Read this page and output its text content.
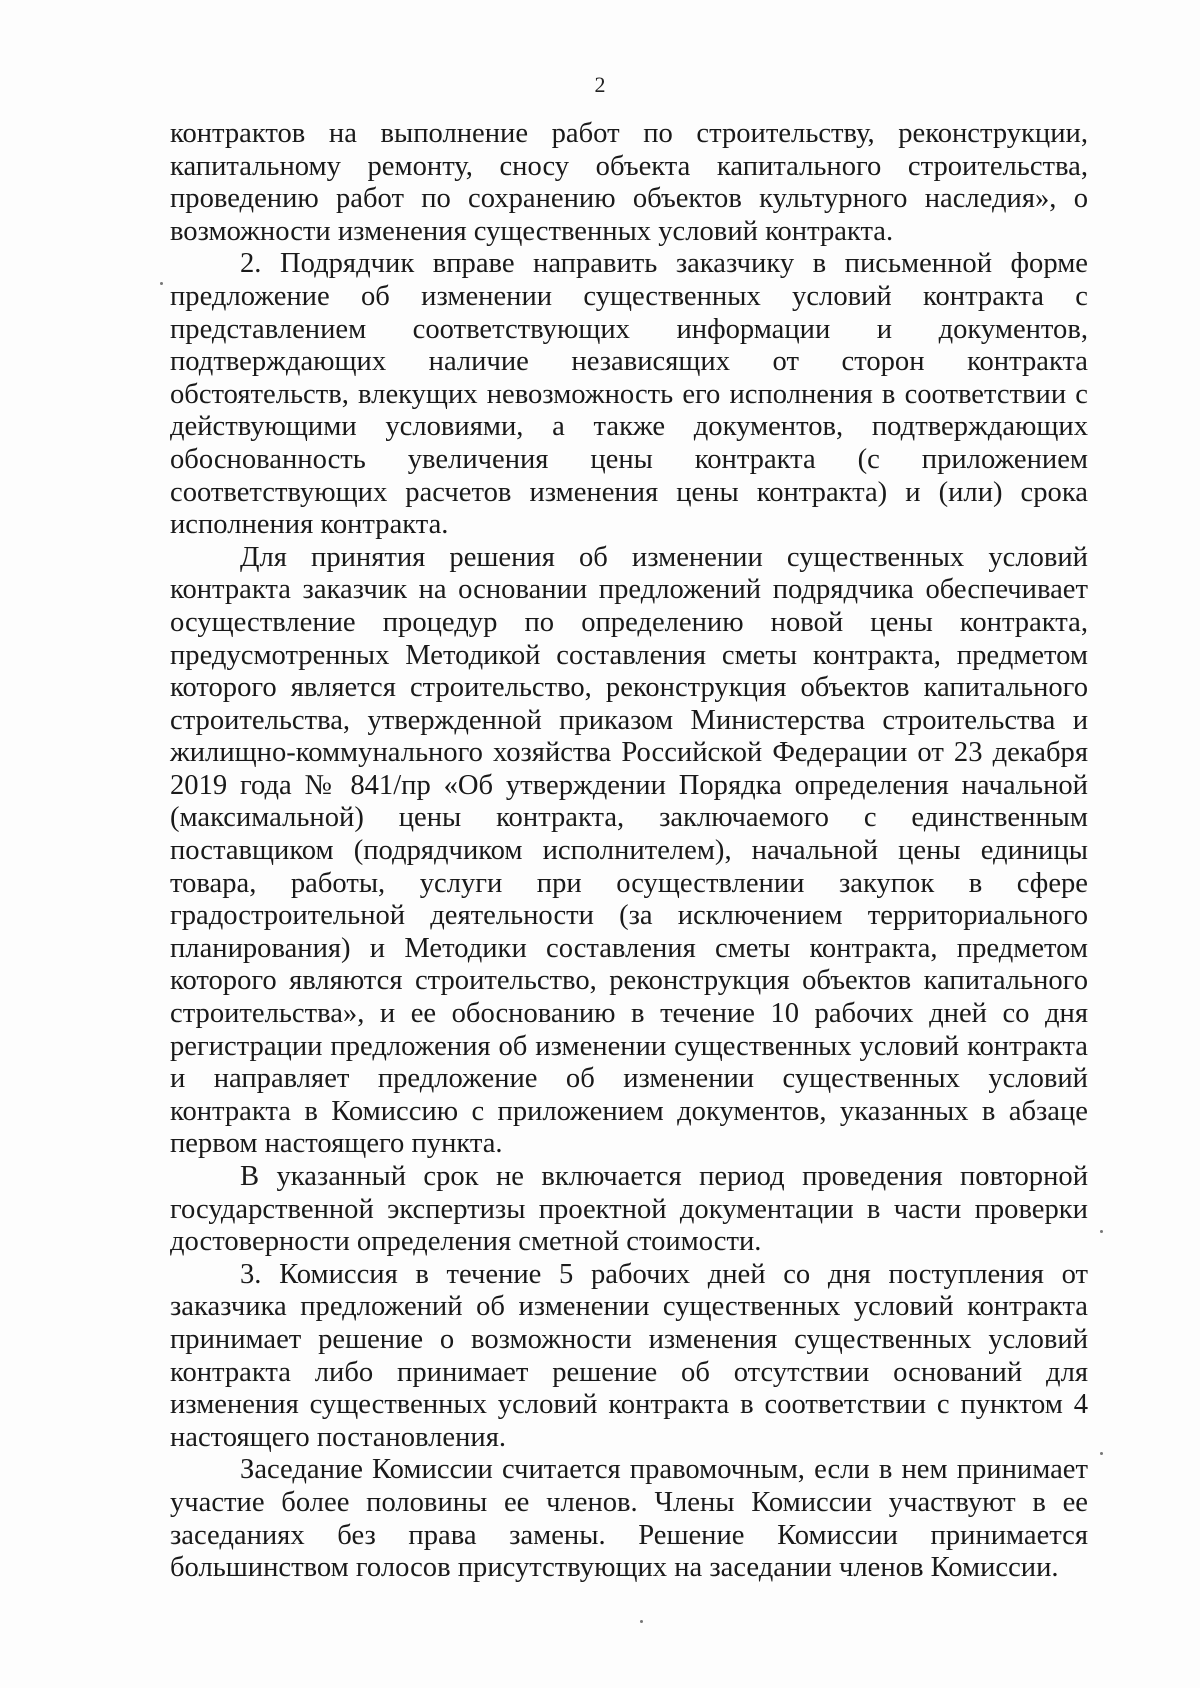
2

контрактов на выполнение работ по строительству, реконструкции, капитальному ремонту, сносу объекта капитального строительства, проведению работ по сохранению объектов культурного наследия», о возможности изменения существенных условий контракта.

2. Подрядчик вправе направить заказчику в письменной форме предложение об изменении существенных условий контракта с представлением соответствующих информации и документов, подтверждающих наличие независящих от сторон контракта обстоятельств, влекущих невозможность его исполнения в соответствии с действующими условиями, а также документов, подтверждающих обоснованность увеличения цены контракта (с приложением соответствующих расчетов изменения цены контракта) и (или) срока исполнения контракта.

Для принятия решения об изменении существенных условий контракта заказчик на основании предложений подрядчика обеспечивает осуществление процедур по определению новой цены контракта, предусмотренных Методикой составления сметы контракта, предметом которого является строительство, реконструкция объектов капитального строительства, утвержденной приказом Министерства строительства и жилищно-коммунального хозяйства Российской Федерации от 23 декабря 2019 года № 841/пр «Об утверждении Порядка определения начальной (максимальной) цены контракта, заключаемого с единственным поставщиком (подрядчиком исполнителем), начальной цены единицы товара, работы, услуги при осуществлении закупок в сфере градостроительной деятельности (за исключением территориального планирования) и Методики составления сметы контракта, предметом которого являются строительство, реконструкция объектов капитального строительства», и ее обоснованию в течение 10 рабочих дней со дня регистрации предложения об изменении существенных условий контракта и направляет предложение об изменении существенных условий контракта в Комиссию с приложением документов, указанных в абзаце первом настоящего пункта.

В указанный срок не включается период проведения повторной государственной экспертизы проектной документации в части проверки достоверности определения сметной стоимости.

3. Комиссия в течение 5 рабочих дней со дня поступления от заказчика предложений об изменении существенных условий контракта принимает решение о возможности изменения существенных условий контракта либо принимает решение об отсутствии оснований для изменения существенных условий контракта в соответствии с пунктом 4 настоящего постановления.

Заседание Комиссии считается правомочным, если в нем принимает участие более половины ее членов. Члены Комиссии участвуют в ее заседаниях без права замены. Решение Комиссии принимается большинством голосов присутствующих на заседании членов Комиссии.
